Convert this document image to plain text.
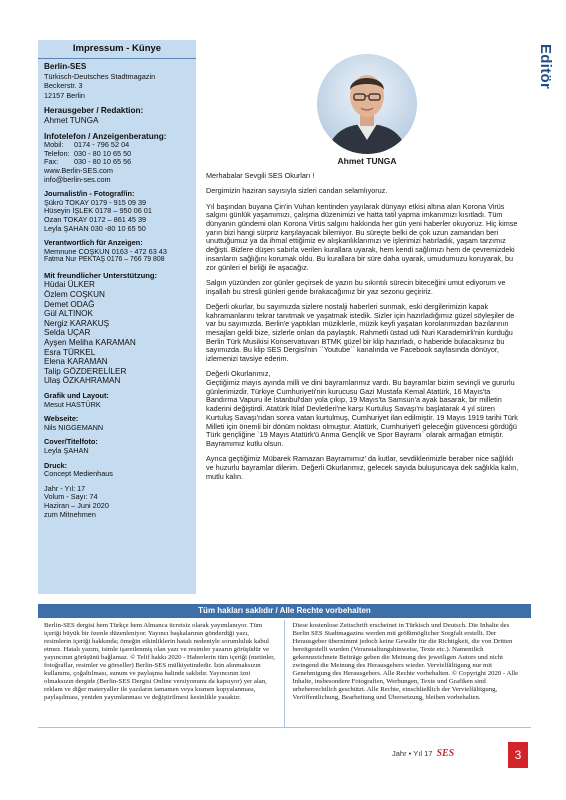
Impressum - Künye
Berlin-SES
Türkisch-Deutsches Stadtmagazin
Beckerstr. 3
12157 Berlin
Herausgeber / Redaktion:
Ahmet TUNGA
Infotelefon / Anzeigenberatung:
Mobil:	0174 - 796 52 04
Telefon: 030 - 80 10 65 50
Fax:	030 - 80 10 65 56
www.Berlin-SES.com
info@berlin-ses.com
Journalist/in - Fotograf/in:
Şükrü TOKAY 0179 - 915 09 39
Hüseyin İŞLEK 0178 – 950 06 01
Ozan TOKAY 0172 – 861 45 39
Leyla ŞAHAN 030 -80 10 65 50
Verantwortlich für Anzeigen:
Memnune COŞKUN 0163 - 472 63 43
Fatma Nur PEKTAŞ 0176 – 766 79 808
Mit freundlicher Unterstützung:
Hüdai ÜLKER
Özlem COŞKUN
Demet ODAĞ
Gül ALTINOK
Nergiz KARAKUŞ
Selda UÇAR
Ayşen Meliha KARAMAN
Esra TÜRKEL
Elena KARAMAN
Talip GÖZDERELİLER
Ulaş ÖZKAHRAMAN
Grafik und Layout:
Mesut HASTÜRK
Webseite:
Nils NIGGEMANN
Cover/Titelfoto:
Leyla ŞAHAN
Druck:
Concept Medienhaus
Jahr - Yıl: 17
Volum - Sayı: 74
Haziran – Juni 2020
zum Mitnehmen
Editör
Ahmet TUNGA

Merhabalar Sevgili SES Okurları !

Dergimizin haziran sayısıyla sizleri candan selamlıyoruz.

Yıl başından buyana Çin'in Vuhan kentinden yayılarak dünyayı etkisi altına alan Korona Virüs salgını günlük yaşamımızı, çalışma düzenimizi ve hatta tatil yapma imkanımızı kısıtladı. Tüm dünyanın gündemi olan Korona Virüs salgını hakkında her gün yeni haberler okuyoruz. Hiç kimse yarın bizi hangi sürpriz karşılayacak bilemiyor. Bu süreçte belki de çok uzun zamandan beri unuttuğumuz ya da ihmal ettiğimiz ev alışkanlıklarımızı ve işlerimizi hatırladık, yaşam tarzımız değişti. Bizlere düşen sabırla verilen kurallara uyarak, hem kendi sağlımızı hem de çevremizdeki insanların sağlığını korumak oldu. Bu kurallara bir süre daha uyarak, umudumuzu koruyarak, bu zor günleri el birliği ile aşacağız.

Salgın yüzünden zor günler geçirsek de yazın bu sıkıntılı sürecin biteceğini umut ediyorum ve inşallah bu stresli günleri geride bırakacağımız bir yaz sezonu geçiririz.

Değerli okurlar, bu sayımızda sizlere nostalji haberleri sunmak, eski dergilerimizin kapak kahramanlarını tekrar tanıtmak ve yaşatmak istedik. Sizler için hazırladığımız güzel söyleşiler de var bu sayımızda. Berlin'e yaptıkları müziklerle, müzik keyfi yaşatan korolarımızdan bazılarının mesajları geldi bize, sizlerle onları da paylaştık. Rahmetli üstad udi Nuri Karademirli'nin kurduğu Berlin Türk Musikisi Konservatuvarı BTMK güzel bir klip hazırladı, o haberide bulacaksınız bu sayımızda. Bu klip SES Dergisi'nin ``Youtube`` kanalında ve Facebook sayfasında dönüyor, izlemenizi tavsiye ederim.

Değerli Okurlarımız,
Geçtiğimiz mayıs ayında milli ve dini bayramlarımız vardı. Bu bayramlar bizim sevinçli ve gururlu günlerimizdir. Türkiye Cumhuriyeti'nin kurucusu Gazi Mustafa Kemal Atatürk, 16 Mayıs'ta Bandırma Vapuru ile İstanbul'dan yola çıkıp, 19 Mayıs'ta Samsun'a ayak basarak, bir milletin kaderini değiştirdi. Atatürk İtilaf Devletleri'ne karşı Kurtuluş Savaşı'nı başlatarak 4 yıl süren Kurtuluş Savaşı'ndan sonra vatan kurtulmuş, Cumhuriyet ilan edilmiştir. 19 Mayıs 1919 tarihi Türk Milleti için önemli bir dönüm noktası olmuştur. Atatürk, Cumhuriyet'i geleceğin güvencesi gördüğü Türk gençliğine `19 Mayıs Atatürk'ü Anma Gençlik ve Spor Bayramı` olarak armağan etmiştir. Bayramımız kutlu olsun.

Ayrıca geçtiğimiz Mübarek Ramazan Bayramımız' da kutlar, sevdiklerimizle beraber nice sağlıklı ve huzurlu bayramlar dilerim. Değerli Okurlarımız, gelecek sayıda buluşuncaya dek sağlıkla kalın, mutlu kalın.

Tüm hakları saklıdır / Alle Rechte vorbehalten
Berlin-SES dergisi hem Türkçe hem Almanca ücretsiz olarak yayımlanıyor. Tüm içeriği büyük bir özenle düzenleniyor. Yayıncı başkalarının gönderdiği yazı, resimlerin içeriği hakkında; ömeğin etkinliklerin hatalı nedeniyle sorumluluk kabul etmez. Hatalı yazım, isimle işaretlenmiş olan yazı ve resimler yazarın görüşüdür ve yayıncının görüşünü bağlamaz. © Telif hakkı 2020 - Haberlerin tüm içeriği (metinler, fotoğraflar, resimler ve görseller) Berlin-SES mülkiyetindedir. İzin alınmaksızın kullanımı, çoğaltılması, sunum ve paylaşma halinde saklıdır. Yayıncının izni olmaksızın dergide (Berlin-SES Dergisi Online versiyonunu da kapsıyor) yer alan, reklam ve diğer materyaller ile yazıların tamamen veya kısmen kopyalanması, paylaşılması, yeniden yayımlanması ve değiştirilmesi kesinlikle yasaktır.
Diese kostenlose Zeitschrift erscheinet in Türkisch und Deutsch. Die Inhalte des Berlin SES Stadtmagazins werden mit größtmöglicher Sorgfalt erstellt. Der Herausgeber übernimmt jedoch keine Gewähr für die Richtigkeit, die von Dritten bereitgestellt wurden (Veranstaltungshinweise, Texte etc.). Namentlich gekennzeichnete Beiträge geben die Meinung des jeweiligen Autors und nicht zwingend die Meinung des Herausgebers wieder. Vervielfältigung nur mit Genehmigung des Herausgebers. Alle Rechte vorbehalten. © Copyright 2020 - Alle Inhalte, insbesondere Fotografien, Werbungen, Texte und Grafiken sind urheberrechtlich geschützt. Alle Rechte, einschließlich der Vervielfältigung, Veröffentlichung, Bearbeitung und Übersetzung, bleiben vorbehalten.
Jahr • Yıl 17 SES	3
